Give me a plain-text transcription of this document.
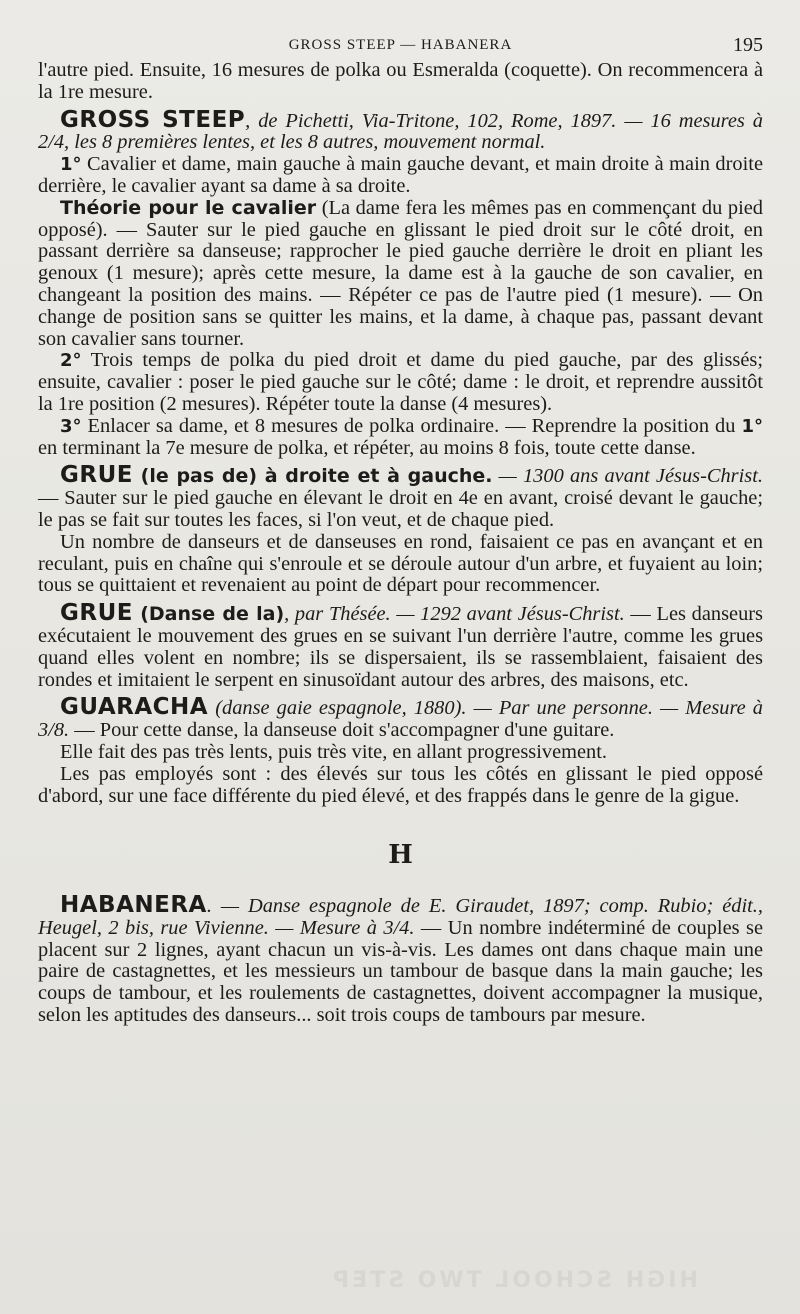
GROSS STEEP — HABANERA	195

l'autre pied. Ensuite, 16 mesures de polka ou Esmeralda (coquette). On recommencera à la 1re mesure.

GROSS STEEP, de Pichetti, Via-Tritone, 102, Rome, 1897. — 16 mesures à 2/4, les 8 premières lentes, et les 8 autres, mouvement normal.

1° Cavalier et dame, main gauche à main gauche devant, et main droite à main droite derrière, le cavalier ayant sa dame à sa droite.

Théorie pour le cavalier (La dame fera les mêmes pas en commençant du pied opposé). — Sauter sur le pied gauche en glissant le pied droit sur le côté droit, en passant derrière sa danseuse; rapprocher le pied gauche derrière le droit en pliant les genoux (1 mesure); après cette mesure, la dame est à la gauche de son cavalier, en changeant la position des mains. — Répéter ce pas de l'autre pied (1 mesure). — On change de position sans se quitter les mains, et la dame, à chaque pas, passant devant son cavalier sans tourner.

2° Trois temps de polka du pied droit et dame du pied gauche, par des glissés; ensuite, cavalier : poser le pied gauche sur le côté; dame : le droit, et reprendre aussitôt la 1re position (2 mesures). Répéter toute la danse (4 mesures).

3° Enlacer sa dame, et 8 mesures de polka ordinaire. — Reprendre la position du 1° en terminant la 7e mesure de polka, et répéter, au moins 8 fois, toute cette danse.

GRUE (le pas de) à droite et à gauche. — 1300 ans avant Jésus-Christ. — Sauter sur le pied gauche en élevant le droit en 4e en avant, croisé devant le gauche; le pas se fait sur toutes les faces, si l'on veut, et de chaque pied.

Un nombre de danseurs et de danseuses en rond, faisaient ce pas en avançant et en reculant, puis en chaîne qui s'enroule et se déroule autour d'un arbre, et fuyaient au loin; tous se quittaient et revenaient au point de départ pour recommencer.

GRUE (Danse de la), par Thésée. — 1292 avant Jésus-Christ. — Les danseurs exécutaient le mouvement des grues en se suivant l'un derrière l'autre, comme les grues quand elles volent en nombre; ils se dispersaient, ils se rassemblaient, faisaient des rondes et imitaient le serpent en sinusoïdant autour des arbres, des maisons, etc.

GUARACHA (danse gaie espagnole, 1880). — Par une personne. — Mesure à 3/8. — Pour cette danse, la danseuse doit s'accompagner d'une guitare.

Elle fait des pas très lents, puis très vite, en allant progressivement.

Les pas employés sont : des élevés sur tous les côtés en glissant le pied opposé d'abord, sur une face différente du pied élevé, et des frappés dans le genre de la gigue.

H

HABANERA. — Danse espagnole de E. Giraudet, 1897; comp. Rubio; édit., Heugel, 2 bis, rue Vivienne. — Mesure à 3/4. — Un nombre indéterminé de couples se placent sur 2 lignes, ayant chacun un vis-à-vis. Les dames ont dans chaque main une paire de castagnettes, et les messieurs un tambour de basque dans la main gauche; les coups de tambour, et les roulements de castagnettes, doivent accompagner la musique, selon les aptitudes des danseurs... soit trois coups de tambours par mesure.

HIGH SCHOOL TWO STEP
